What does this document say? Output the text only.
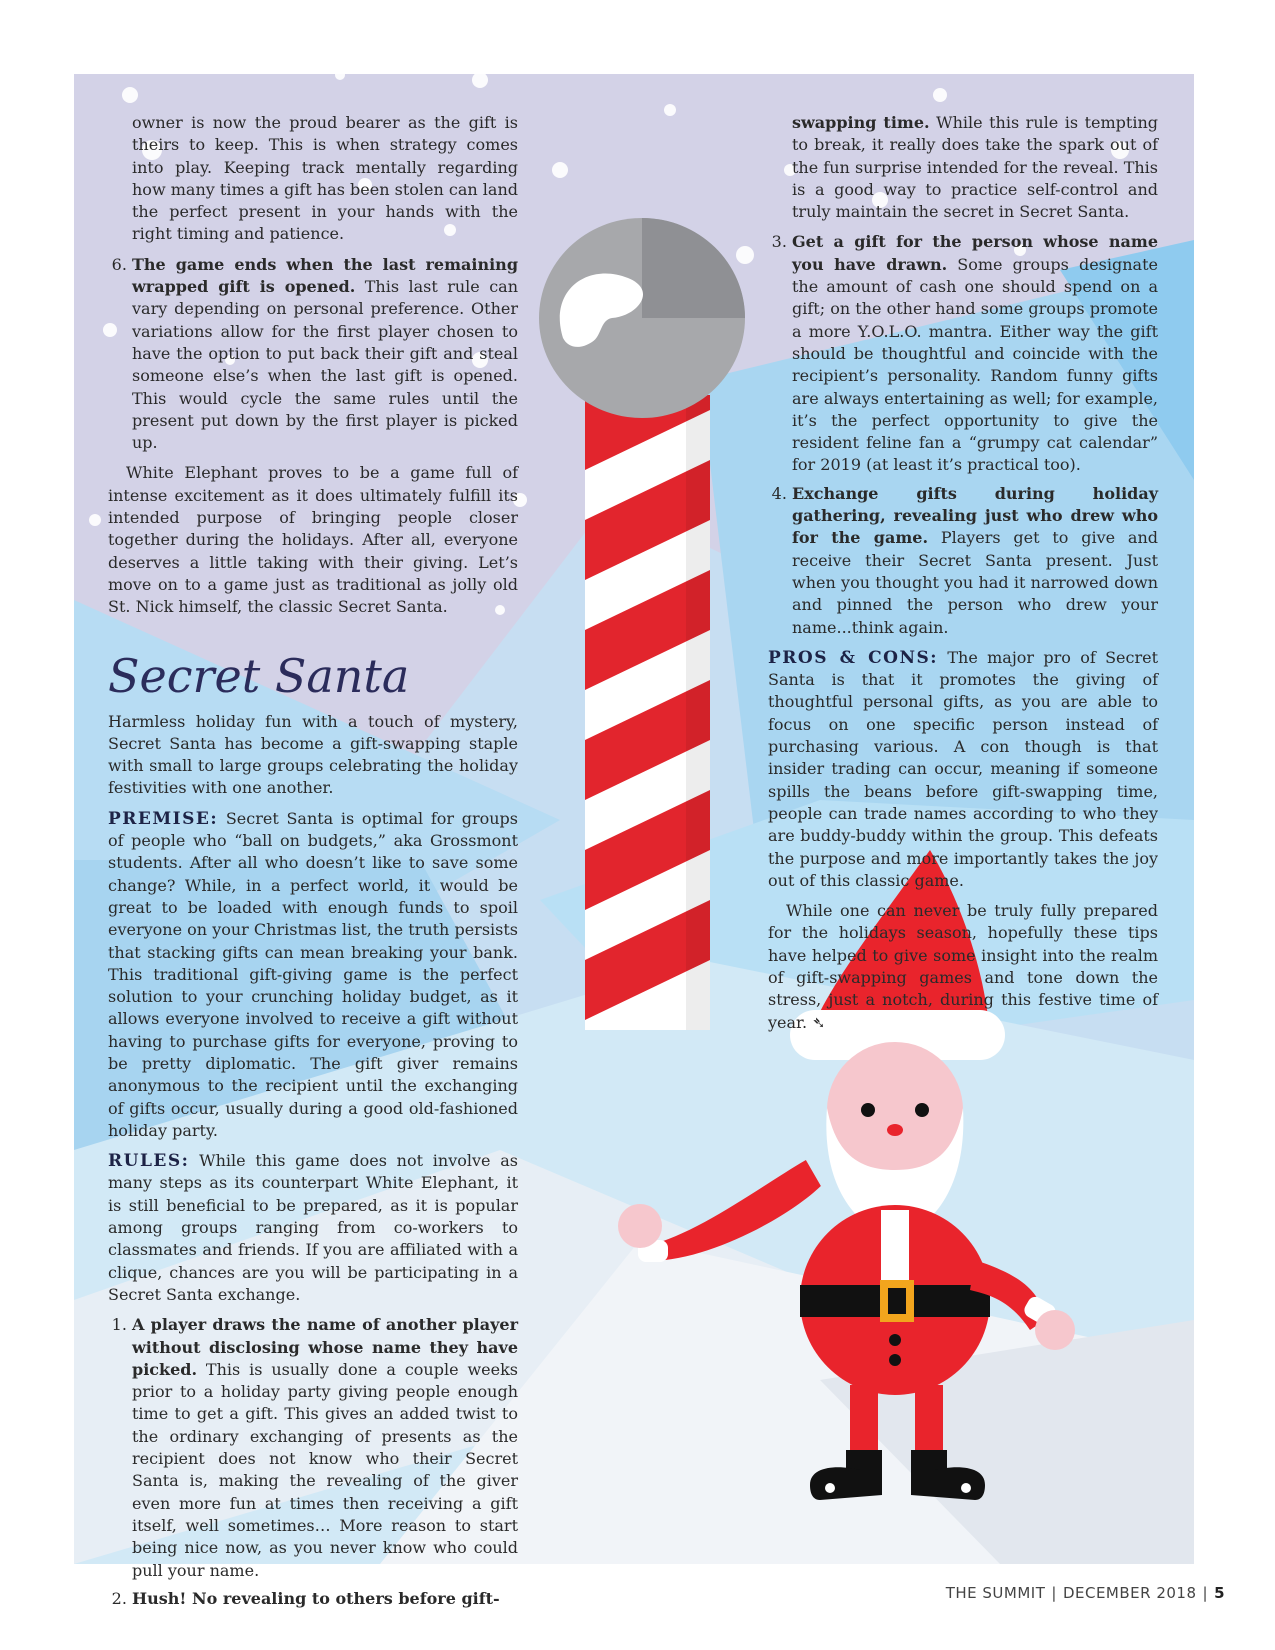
owner is now the proud bearer as the gift is theirs to keep. This is when strategy comes into play. Keeping track mentally regarding how many times a gift has been stolen can land the perfect present in your hands with the right timing and patience.

6. The game ends when the last remaining wrapped gift is opened. This last rule can vary depending on personal preference. Other variations allow for the first player chosen to have the option to put back their gift and steal someone else’s when the last gift is opened. This would cycle the same rules until the present put down by the first player is picked up.

White Elephant proves to be a game full of intense excitement as it does ultimately fulfill its intended purpose of bringing people closer together during the holidays. After all, everyone deserves a little taking with their giving. Let’s move on to a game just as traditional as jolly old St. Nick himself, the classic Secret Santa.

Secret Santa

Harmless holiday fun with a touch of mystery, Secret Santa has become a gift-swapping staple with small to large groups celebrating the holiday festivities with one another.

PREMISE: Secret Santa is optimal for groups of people who “ball on budgets,” aka Grossmont students. After all who doesn’t like to save some change? While, in a perfect world, it would be great to be loaded with enough funds to spoil everyone on your Christmas list, the truth persists that stacking gifts can mean breaking your bank. This traditional gift-giving game is the perfect solution to your crunching holiday budget, as it allows everyone involved to receive a gift without having to purchase gifts for everyone, proving to be pretty diplomatic. The gift giver remains anonymous to the recipient until the exchanging of gifts occur, usually during a good old-fashioned holiday party.

RULES: While this game does not involve as many steps as its counterpart White Elephant, it is still beneficial to be prepared, as it is popular among groups ranging from co-workers to classmates and friends. If you are affiliated with a clique, chances are you will be participating in a Secret Santa exchange.

1. A player draws the name of another player without disclosing whose name they have picked. This is usually done a couple weeks prior to a holiday party giving people enough time to get a gift. This gives an added twist to the ordinary exchanging of presents as the recipient does not know who their Secret Santa is, making the revealing of the giver even more fun at times then receiving a gift itself, well sometimes… More reason to start being nice now, as you never know who could pull your name.
2. Hush! No revealing to others before gift-

swapping time. While this rule is tempting to break, it really does take the spark out of the fun surprise intended for the reveal. This is a good way to practice self-control and truly maintain the secret in Secret Santa.

3. Get a gift for the person whose name you have drawn. Some groups designate the amount of cash one should spend on a gift; on the other hand some groups promote a more Y.O.L.O. mantra. Either way the gift should be thoughtful and coincide with the recipient’s personality. Random funny gifts are always entertaining as well; for example, it’s the perfect opportunity to give the resident feline fan a “grumpy cat calendar” for 2019 (at least it’s practical too).
4. Exchange gifts during holiday gathering, revealing just who drew who for the game. Players get to give and receive their Secret Santa present. Just when you thought you had it narrowed down and pinned the person who drew your name...think again.

PROS & CONS: The major pro of Secret Santa is that it promotes the giving of thoughtful personal gifts, as you are able to focus on one specific person instead of purchasing various. A con though is that insider trading can occur, meaning if someone spills the beans before gift-swapping time, people can trade names according to who they are buddy-buddy within the group. This defeats the purpose and more importantly takes the joy out of this classic game.

While one can never be truly fully prepared for the holidays season, hopefully these tips have helped to give some insight into the realm of gift-swapping games and tone down the stress, just a notch, during this festive time of year. ➴

THE SUMMIT | DECEMBER 2018 | 5
